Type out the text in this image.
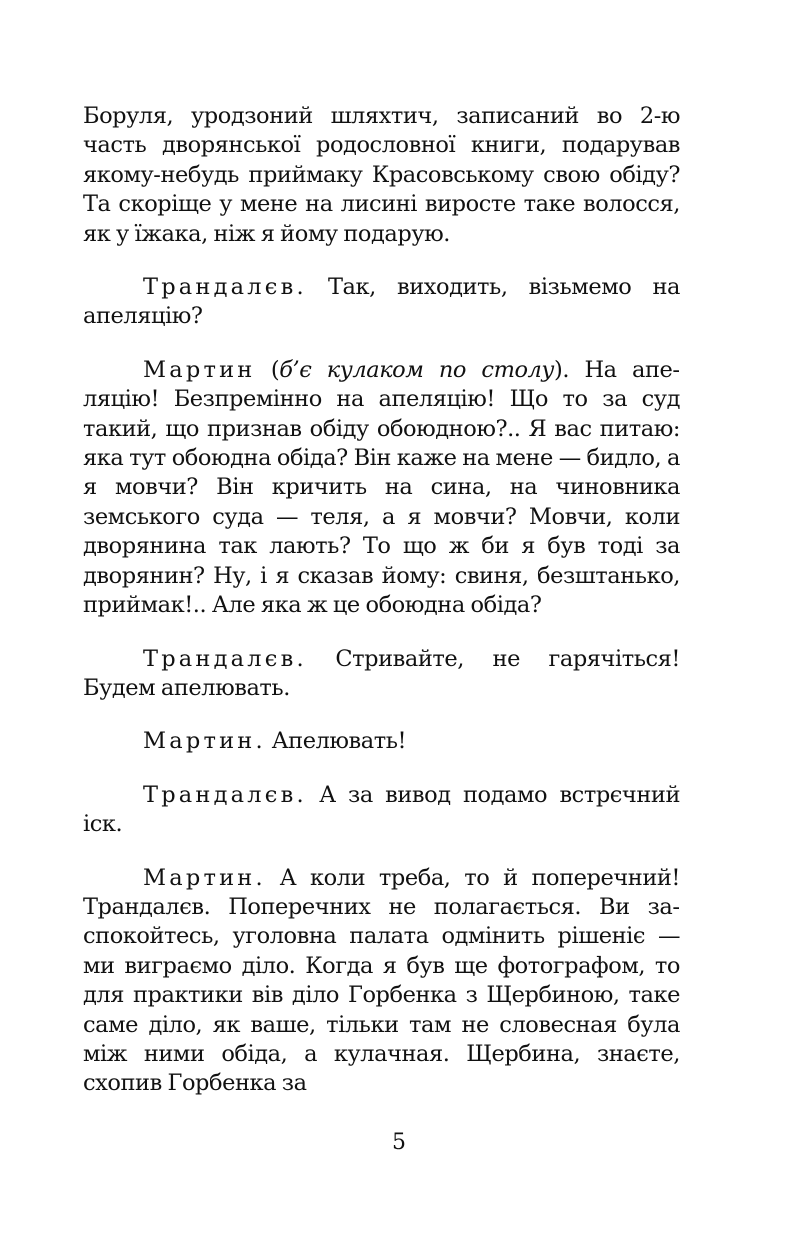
Боруля, уродзоний шляхтич, записаний во 2-ю часть дворянської родословної книги, подарував якому-небудь приймаку Красовському свою обіду? Та скоріще у мене на лисині виросте таке волосся, як у їжака, ніж я йому подарую.

Трандалєв. Так, виходить, візьмемо на апеляцію?

Мартин (б’є кулаком по столу). На апеляцію! Безпремінно на апеляцію! Що то за суд такий, що признав обіду обоюдною?.. Я вас питаю: яка тут обоюдна обіда? Він каже на мене — бидло, а я мовчи? Він кричить на сина, на чиновника земського суда — теля, а я мовчи? Мовчи, коли дворянина так лають? То що ж би я був тоді за дворянин? Ну, і я сказав йому: свиня, безштанько, приймак!.. Але яка ж це обоюдна обіда?

Трандалєв. Стривайте, не гарячіться! Будем апелювать.

Мартин. Апелювать!

Трандалєв. А за вивод подамо встрєчний іск.

Мартин. А коли треба, то й поперечний! Трандалєв. Поперечних не полагається. Ви заспокойтесь, уголовна палата одмінить рішеніє — ми виграємо діло. Когда я був ще фотографом, то для практики вів діло Горбенка з Щербиною, таке саме діло, як ваше, тільки там не словесная була між ними обіда, а кулачная. Щербина, знаєте, схопив Горбенка за

5
